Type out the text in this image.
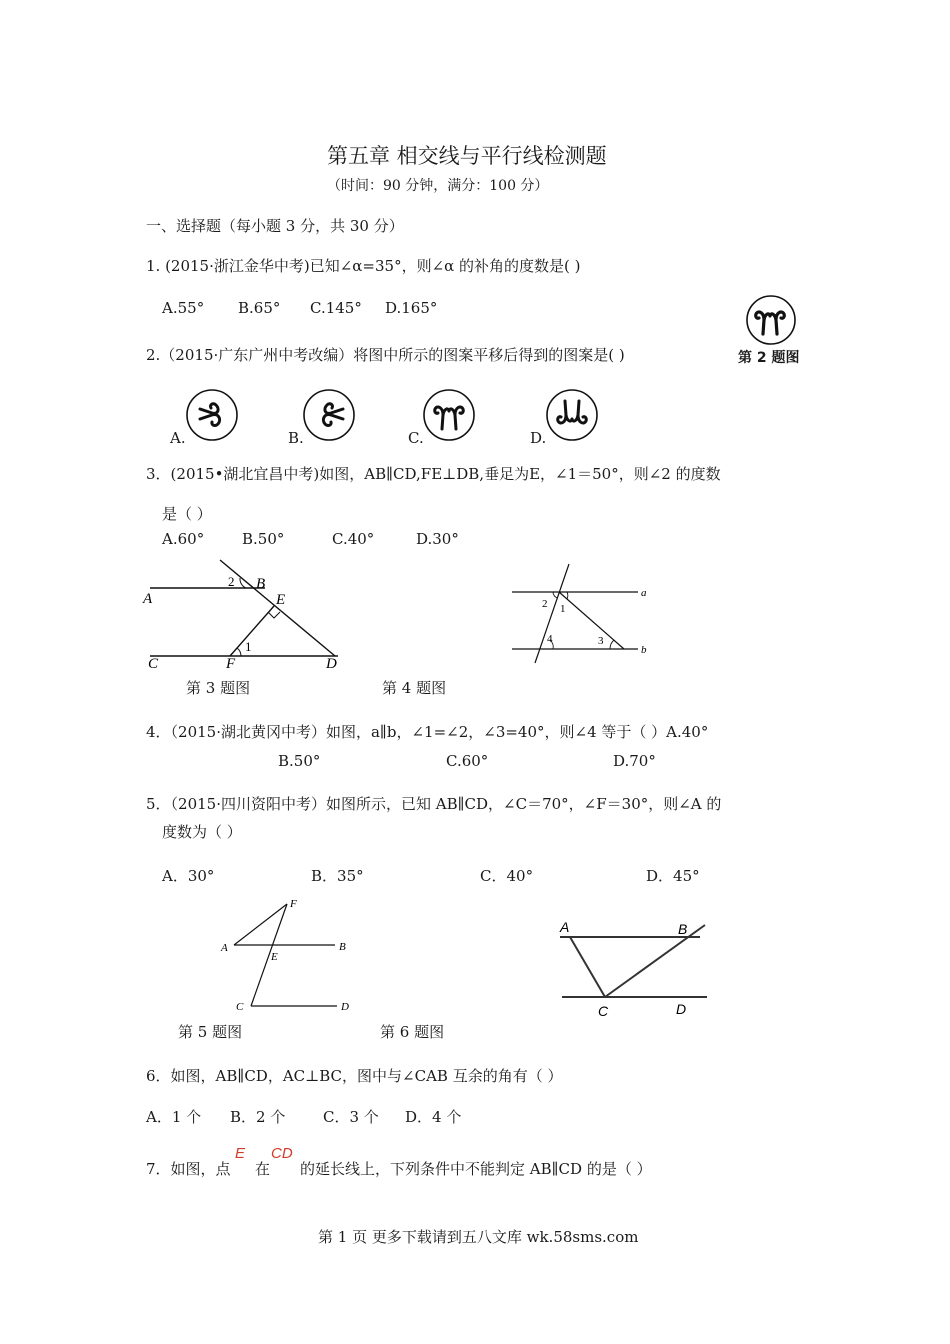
第五章 相交线与平行线检测题
（时间：90 分钟，满分：100 分）
一、选择题（每小题 3 分，共 30 分）
1. (2015·浙江金华中考)已知∠α=35°，则∠α 的补角的度数是( )
A.55° B.65° C.145° D.165°
第 2 题图
2.（2015·广东广州中考改编）将图中所示的图案平移后得到的图案是( )
A.	B.	C.	D.
3．(2015•湖北宜昌中考)如图，AB∥CD,FE⊥DB,垂足为E，∠1＝50°，则∠2 的度数
是（ ）
A.60°	B.50°	C.40°	D.30°
A
B
E
C	F	D
1
2
a
b
1
2
3
4
第 3 题图	第 4 题图
4．（2015·湖北黄冈中考）如图，a∥b，∠1=∠2，∠3=40°，则∠4 等于（ ）A.40°
B.50°	C.60°	D.70°
5．（2015·四川资阳中考）如图所示，已知 AB∥CD，∠C＝70°，∠F＝30°，则∠A 的
度数为（ ）
A．30°	B．35°	C．40°	D．45°
A	B
C	D
E
F
A	B
C	D
第 5 题图	第 6 题图
6．如图，AB∥CD，AC⊥BC，图中与∠CAB 互余的角有（ ）
A．1 个 B．2 个	C．3 个 D．4 个
E CD
7．如图，点 在 的延长线上，下列条件中不能判定 AB∥CD 的是（ ）
第 1 页 更多下载请到五八文库 wk.58sms.com
